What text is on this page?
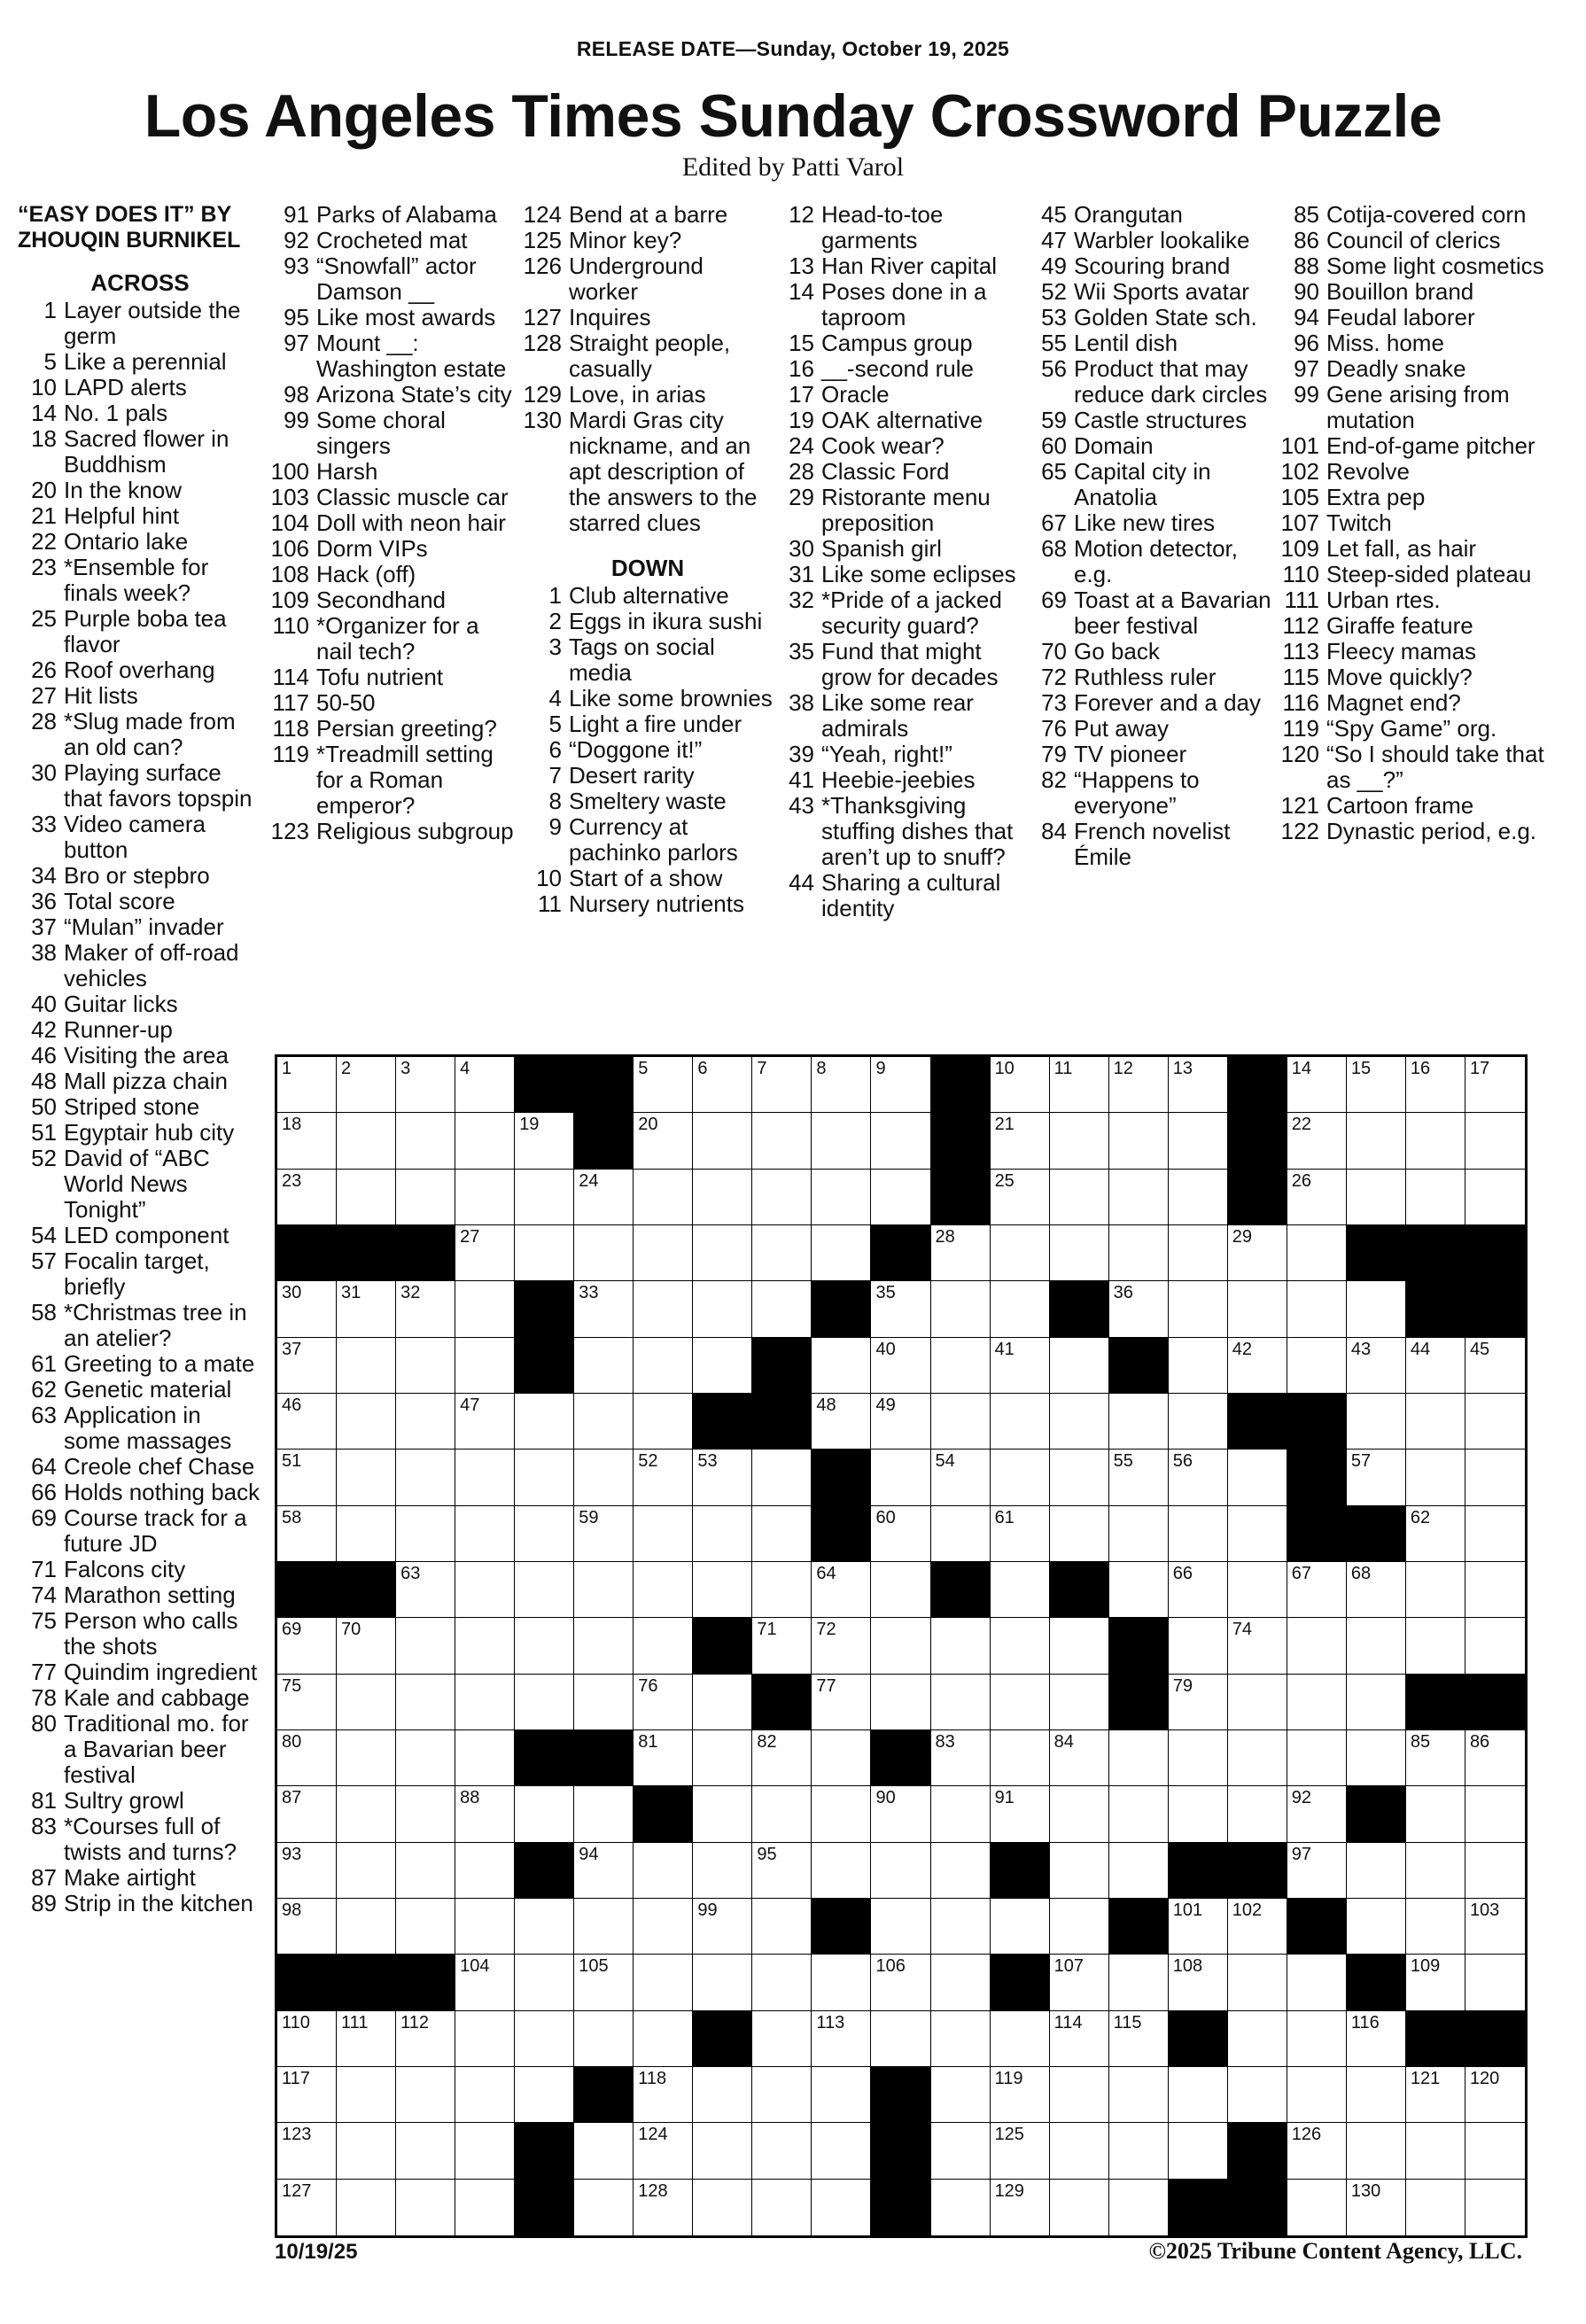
RELEASE DATE—Sunday, October 19, 2025
Los Angeles Times Sunday Crossword Puzzle
Edited by Patti Varol
“EASY DOES IT” BY ZHOUQIN BURNIKEL
ACROSS
1 Layer outside the germ
5 Like a perennial
10 LAPD alerts
14 No. 1 pals
18 Sacred flower in Buddhism
20 In the know
21 Helpful hint
22 Ontario lake
23 *Ensemble for finals week?
25 Purple boba tea flavor
26 Roof overhang
27 Hit lists
28 *Slug made from an old can?
30 Playing surface that favors topspin
33 Video camera button
34 Bro or stepbro
36 Total score
37 “Mulan” invader
38 Maker of off-road vehicles
40 Guitar licks
42 Runner-up
46 Visiting the area
48 Mall pizza chain
50 Striped stone
51 Egyptair hub city
52 David of “ABC World News Tonight”
54 LED component
57 Focalin target, briefly
58 *Christmas tree in an atelier?
61 Greeting to a mate
62 Genetic material
63 Application in some massages
64 Creole chef Chase
66 Holds nothing back
69 Course track for a future JD
71 Falcons city
74 Marathon setting
75 Person who calls the shots
77 Quindim ingredient
78 Kale and cabbage
80 Traditional mo. for a Bavarian beer festival
81 Sultry growl
83 *Courses full of twists and turns?
87 Make airtight
89 Strip in the kitchen
91 Parks of Alabama
92 Crocheted mat
93 “Snowfall” actor Damson __
95 Like most awards
97 Mount __: Washington estate
98 Arizona State’s city
99 Some choral singers
100 Harsh
103 Classic muscle car
104 Doll with neon hair
106 Dorm VIPs
108 Hack (off)
109 Secondhand
110 *Organizer for a nail tech?
114 Tofu nutrient
117 50-50
118 Persian greeting?
119 *Treadmill setting for a Roman emperor?
123 Religious subgroup
124 Bend at a barre
125 Minor key?
126 Underground worker
127 Inquires
128 Straight people, casually
129 Love, in arias
130 Mardi Gras city nickname, and an apt description of the answers to the starred clues
DOWN
1 Club alternative
2 Eggs in ikura sushi
3 Tags on social media
4 Like some brownies
5 Light a fire under
6 “Doggone it!”
7 Desert rarity
8 Smeltery waste
9 Currency at pachinko parlors
10 Start of a show
11 Nursery nutrients
12 Head-to-toe garments
13 Han River capital
14 Poses done in a taproom
15 Campus group
16 __-second rule
17 Oracle
19 OAK alternative
24 Cook wear?
28 Classic Ford
29 Ristorante menu preposition
30 Spanish girl
31 Like some eclipses
32 *Pride of a jacked security guard?
35 Fund that might grow for decades
38 Like some rear admirals
39 “Yeah, right!”
41 Heebie-jeebies
43 *Thanksgiving stuffing dishes that aren’t up to snuff?
44 Sharing a cultural identity
45 Orangutan
47 Warbler lookalike
49 Scouring brand
52 Wii Sports avatar
53 Golden State sch.
55 Lentil dish
56 Product that may reduce dark circles
59 Castle structures
60 Domain
65 Capital city in Anatolia
67 Like new tires
68 Motion detector, e.g.
69 Toast at a Bavarian beer festival
70 Go back
72 Ruthless ruler
73 Forever and a day
76 Put away
79 TV pioneer
82 “Happens to everyone”
84 French novelist Émile
85 Cotija-covered corn
86 Council of clerics
88 Some light cosmetics
90 Bouillon brand
94 Feudal laborer
96 Miss. home
97 Deadly snake
99 Gene arising from mutation
101 End-of-game pitcher
102 Revolve
105 Extra pep
107 Twitch
109 Let fall, as hair
110 Steep-sided plateau
111 Urban rtes.
112 Giraffe feature
113 Fleecy mamas
115 Move quickly?
116 Magnet end?
119 “Spy Game” org.
120 “So I should take that as __?”
121 Cartoon frame
122 Dynastic period, e.g.
1	2	3	4	5	6	7	8	9	10 11 12 13	14 15 16 17
18	19	20	21	22
23	24	25	26
27	28	29
30 31 32	33	35	36
37	40	41	42	43 44 45
46	47	48 49
51	52 53	54	55 56	57
58	59	60	61	62
63	64	66	67 68
69 70	71 72	74
75	76	77	79
80	81	82	83	84	85 86
87	88	90	91	92
93	94	95	97
98	99	101 102	103
104	105	106	107	108	109
110 111 112	113	114 115	116
117	118	119	121 120
123	124	125	126
127	128	129	130
10/19/25	©2025 Tribune Content Agency, LLC.
